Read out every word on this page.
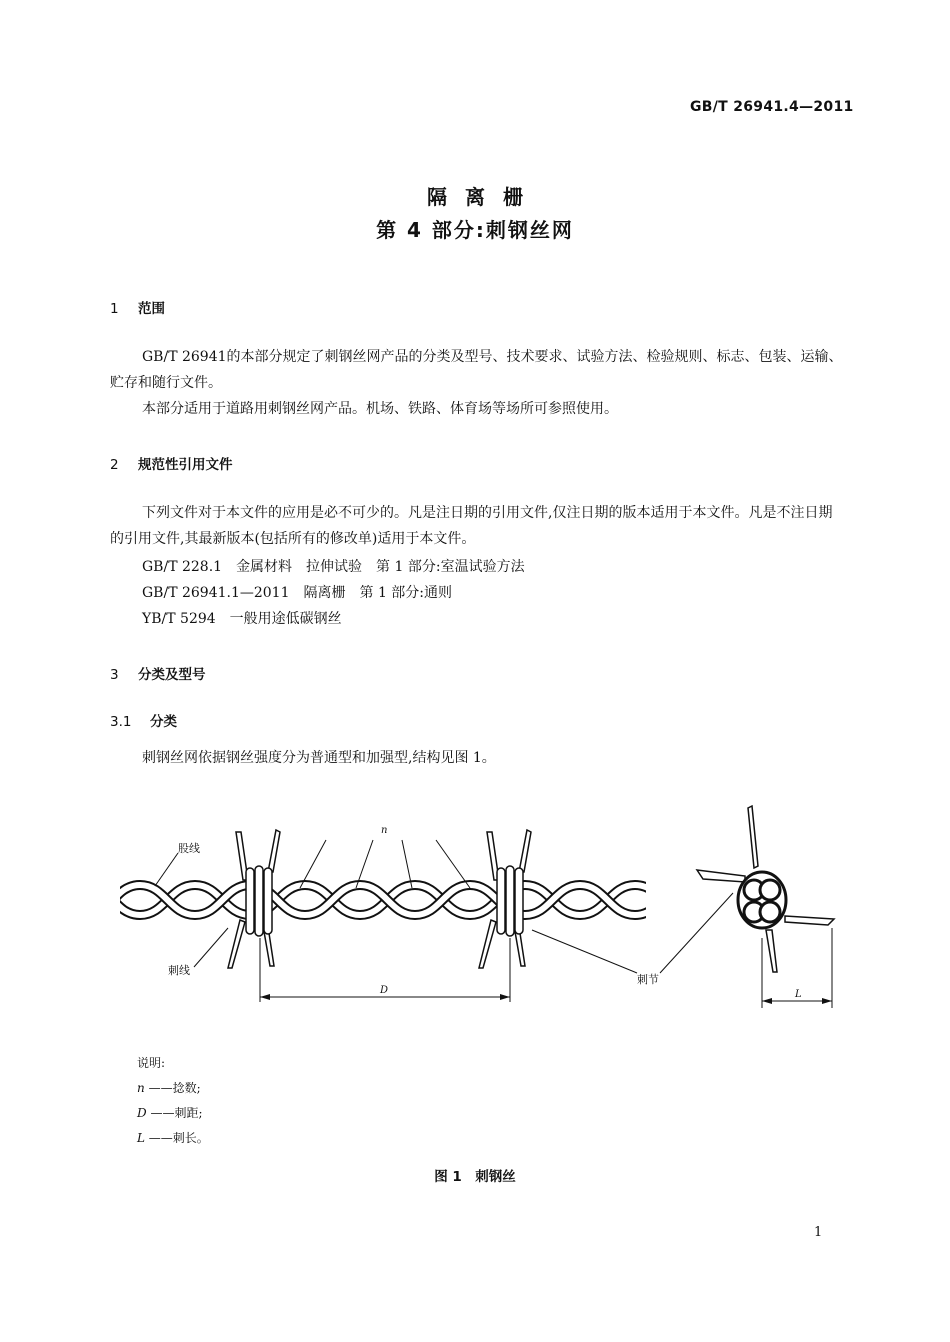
GB/T 26941.4—2011
隔离栅
第 4 部分:刺钢丝网
1 范围
GB/T 26941的本部分规定了刺钢丝网产品的分类及型号、技术要求、试验方法、检验规则、标志、包装、运输、贮存和随行文件。
本部分适用于道路用刺钢丝网产品。机场、铁路、体育场等场所可参照使用。
2 规范性引用文件
下列文件对于本文件的应用是必不可少的。凡是注日期的引用文件,仅注日期的版本适用于本文件。凡是不注日期的引用文件,其最新版本(包括所有的修改单)适用于本文件。
GB/T 228.1 金属材料　拉伸试验　第 1 部分:室温试验方法
GB/T 26941.1—2011 隔离栅　第 1 部分:通则
YB/T 5294 一般用途低碳钢丝
3 分类及型号
3.1 分类
刺钢丝网依据钢丝强度分为普通型和加强型,结构见图 1。
股线
刺线
n
D
刺节
L
说明:
n ——捻数;
D ——刺距;
L ——刺长。
图 1　刺钢丝
1
